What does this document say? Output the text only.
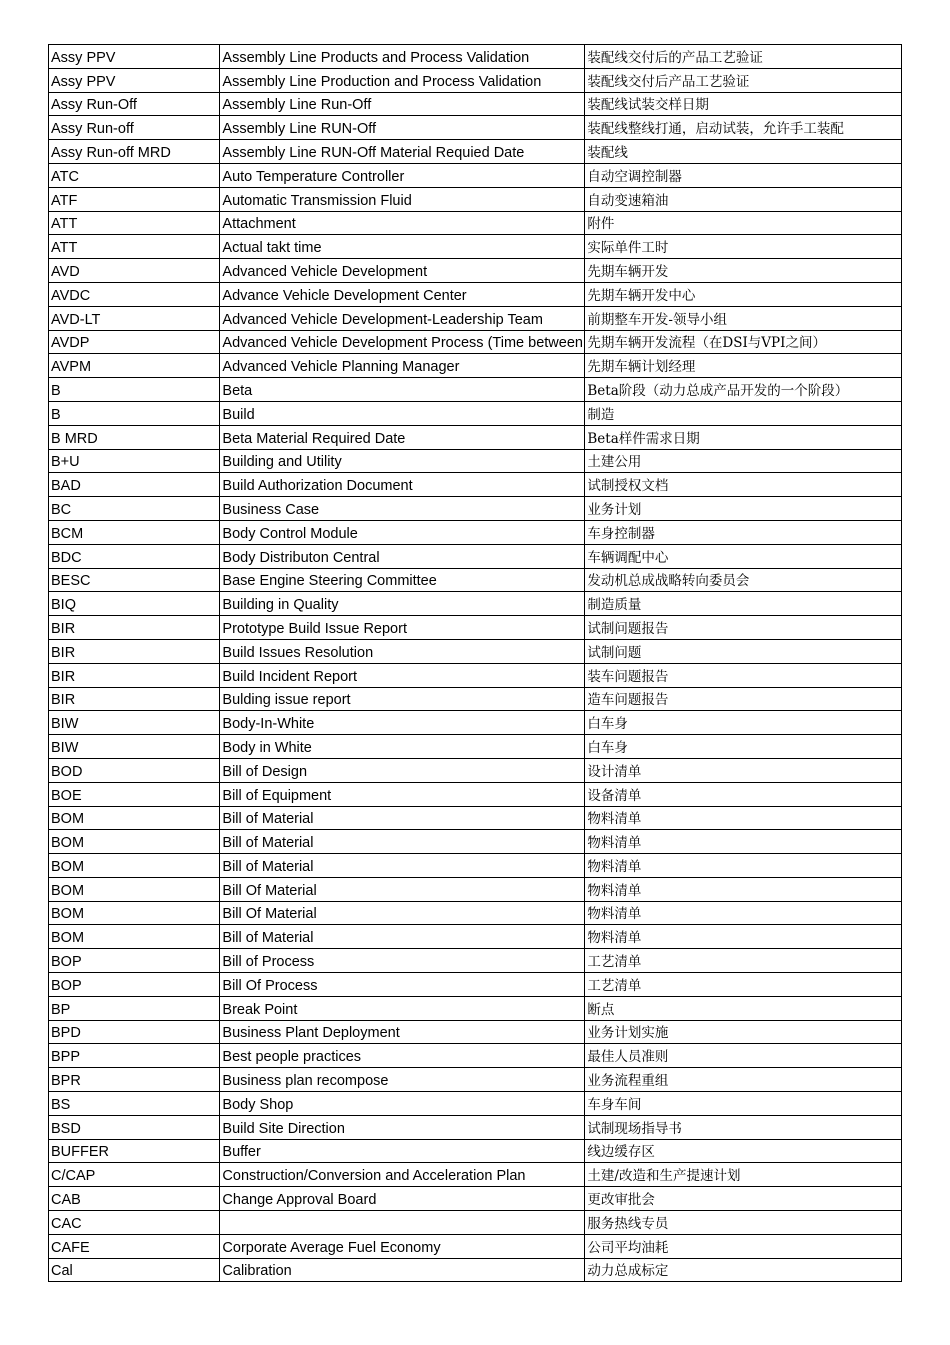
Assy PPV	Assembly Line Products and Process Validation	装配线交付后的产品工艺验证
Assy PPV	Assembly Line Production and Process Validation	装配线交付后产品工艺验证
Assy Run-Off	Assembly Line Run-Off	装配线试装交样日期
Assy Run-off	Assembly Line RUN-Off	装配线整线打通，启动试装，允许手工装配
Assy Run-off MRD	Assembly Line RUN-Off Material Requied Date	装配线
ATC	Auto Temperature Controller	自动空调控制器
ATF	Automatic Transmission Fluid	自动变速箱油
ATT	Attachment	附件
ATT	Actual takt time	实际单件工时
AVD	Advanced Vehicle Development	先期车辆开发
AVDC	Advance Vehicle Development Center	先期车辆开发中心
AVD-LT	Advanced Vehicle Development-Leadership Team	前期整车开发-领导小组
AVDP	Advanced Vehicle Development Process (Time between	先期车辆开发流程（在DSI与VPI之间）
AVPM	Advanced Vehicle Planning Manager	先期车辆计划经理
B	Beta	Beta阶段（动力总成产品开发的一个阶段）
B	Build	制造
B MRD	Beta Material Required Date	Beta样件需求日期
B+U	Building and Utility	土建公用
BAD	Build Authorization Document	试制授权文档
BC	Business Case	业务计划
BCM	Body Control Module	车身控制器
BDC	Body Distributon Central	车辆调配中心
BESC	Base Engine Steering Committee	发动机总成战略转向委员会
BIQ	Building in Quality	制造质量
BIR	Prototype Build Issue Report	试制问题报告
BIR	Build Issues Resolution	试制问题
BIR	Build Incident Report	装车问题报告
BIR	Bulding issue report	造车问题报告
BIW	Body-In-White	白车身
BIW	Body in White	白车身
BOD	Bill of Design	设计清单
BOE	Bill of Equipment	设备清单
BOM	Bill of Material	物料清单
BOM	Bill of Material	物料清单
BOM	Bill of Material	物料清单
BOM	Bill Of Material	物料清单
BOM	Bill Of Material	物料清单
BOM	Bill of Material	物料清单
BOP	Bill of Process	工艺清单
BOP	Bill Of Process	工艺清单
BP	Break Point	断点
BPD	Business Plant Deployment	业务计划实施
BPP	Best people practices	最佳人员准则
BPR	Business plan recompose	业务流程重组
BS	Body Shop	车身车间
BSD	Build Site Direction	试制现场指导书
BUFFER	Buffer	线边缓存区
C/CAP	Construction/Conversion and Acceleration Plan	土建/改造和生产提速计划
CAB	Change Approval Board	更改审批会
CAC		服务热线专员
CAFE	Corporate Average Fuel Economy	公司平均油耗
Cal	Calibration	动力总成标定
